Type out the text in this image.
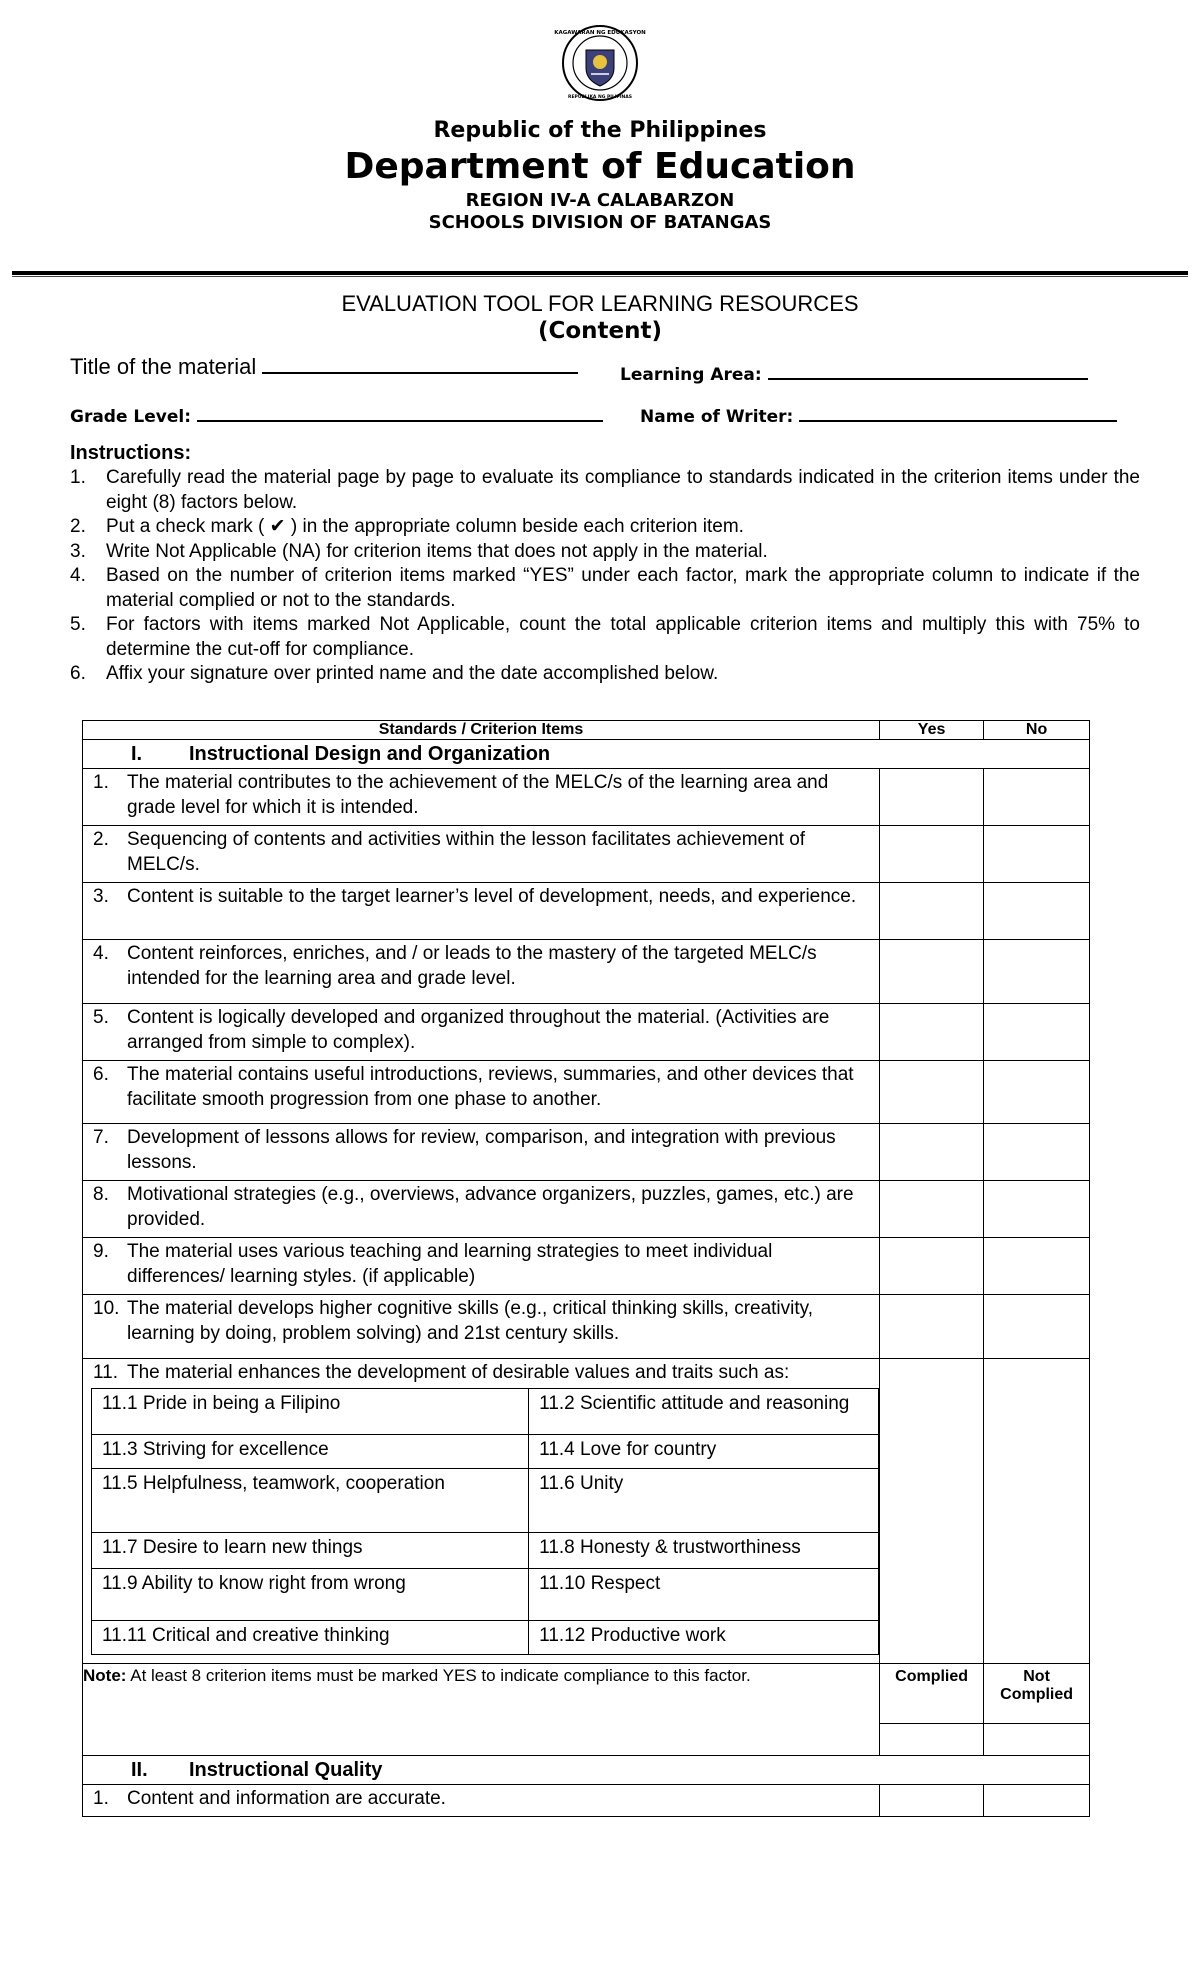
KAGAWARAN NG EDUKASYON
REPUBLIKA NG PILIPINAS
Republic of the Philippines
Department of Education
REGION IV-A CALABARZON
SCHOOLS DIVISION OF BATANGAS
EVALUATION TOOL FOR LEARNING RESOURCES
(Content)
Title of the material	Learning Area:
Grade Level:	Name of Writer:
Instructions:
1. Carefully read the material page by page to evaluate its compliance to standards indicated in the criterion items under the eight (8) factors below.
2. Put a check mark ( ✔ ) in the appropriate column beside each criterion item.
3. Write Not Applicable (NA) for criterion items that does not apply in the material.
4. Based on the number of criterion items marked “YES” under each factor, mark the appropriate column to indicate if the material complied or not to the standards.
5. For factors with items marked Not Applicable, count the total applicable criterion items and multiply this with 75% to determine the cut-off for compliance.
6. Affix your signature over printed name and the date accomplished below.
Standards / Criterion Items	Yes	No
I. Instructional Design and Organization

1. The material contributes to the achievement of the MELC/s of the learning area and grade level for which it is intended.

2. Sequencing of contents and activities within the lesson facilitates achievement of MELC/s.

3. Content is suitable to the target learner’s level of development, needs, and experience.

4. Content reinforces, enriches, and / or leads to the mastery of the targeted MELC/s intended for the learning area and grade level.

5. Content is logically developed and organized throughout the material. (Activities are arranged from simple to complex).

6. The material contains useful introductions, reviews, summaries, and other devices that facilitate smooth progression from one phase to another.

7. Development of lessons allows for review, comparison, and integration with previous lessons.

8. Motivational strategies (e.g., overviews, advance organizers, puzzles, games, etc.) are provided.

9. The material uses various teaching and learning strategies to meet individual differences/ learning styles. (if applicable)

10. The material develops higher cognitive skills (e.g., critical thinking skills, creativity, learning by doing, problem solving) and 21st century skills.

11. The material enhances the development of desirable values and traits such as:
11.1 Pride in being a Filipino	11.2 Scientific attitude and reasoning
11.3 Striving for excellence	11.4 Love for country
11.5 Helpfulness, teamwork, cooperation	11.6 Unity
11.7 Desire to learn new things	11.8 Honesty & trustworthiness
11.9 Ability to know right from wrong	11.10 Respect
11.11 Critical and creative thinking	11.12 Productive work

Note: At least 8 criterion items must be marked YES to indicate compliance to this factor.	Complied	Not Complied

II. Instructional Quality

1. Content and information are accurate.
